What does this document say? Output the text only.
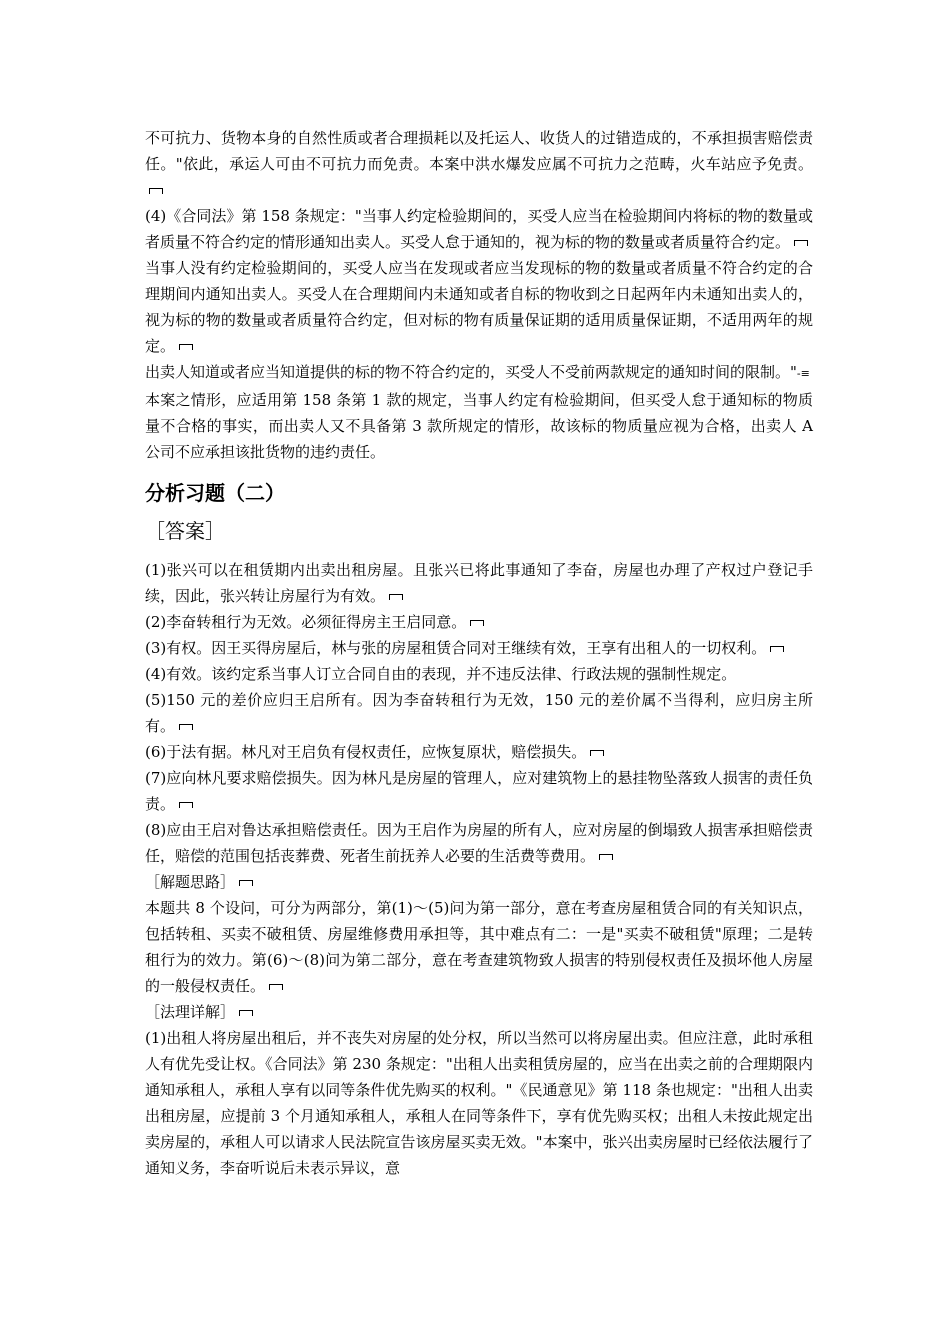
不可抗力、货物本身的自然性质或者合理损耗以及托运人、收货人的过错造成的，不承担损害赔偿责任。"依此，承运人可由不可抗力而免责。本案中洪水爆发应属不可抗力之范畴，火车站应予免责。

(4)《合同法》第 158 条规定："当事人约定检验期间的，买受人应当在检验期间内将标的物的数量或者质量不符合约定的情形通知出卖人。买受人怠于通知的，视为标的物的数量或者质量符合约定。

当事人没有约定检验期间的，买受人应当在发现或者应当发现标的物的数量或者质量不符合约定的合理期间内通知出卖人。买受人在合理期间内未通知或者自标的物收到之日起两年内未通知出卖人的，视为标的物的数量或者质量符合约定，但对标的物有质量保证期的适用质量保证期，不适用两年的规定。

出卖人知道或者应当知道提供的标的物不符合约定的，买受人不受前两款规定的通知时间的限制。"-≡

本案之情形，应适用第 158 条第 1 款的规定，当事人约定有检验期间，但买受人怠于通知标的物质量不合格的事实，而出卖人又不具备第 3 款所规定的情形，故该标的物质量应视为合格，出卖人 A 公司不应承担该批货物的违约责任。

分析习题（二）
［答案］

(1)张兴可以在租赁期内出卖出租房屋。且张兴已将此事通知了李奋，房屋也办理了产权过户登记手续，因此，张兴转让房屋行为有效。

(2)李奋转租行为无效。必须征得房主王启同意。

(3)有权。因王买得房屋后，林与张的房屋租赁合同对王继续有效，王享有出租人的一切权利。

(4)有效。该约定系当事人订立合同自由的表现，并不违反法律、行政法规的强制性规定。

(5)150 元的差价应归王启所有。因为李奋转租行为无效，150 元的差价属不当得利，应归房主所有。

(6)于法有据。林凡对王启负有侵权责任，应恢复原状，赔偿损失。

(7)应向林凡要求赔偿损失。因为林凡是房屋的管理人，应对建筑物上的悬挂物坠落致人损害的责任负责。

(8)应由王启对鲁达承担赔偿责任。因为王启作为房屋的所有人，应对房屋的倒塌致人损害承担赔偿责任，赔偿的范围包括丧葬费、死者生前抚养人必要的生活费等费用。

［解题思路］

本题共 8 个设问，可分为两部分，第(1)～(5)问为第一部分，意在考查房屋租赁合同的有关知识点，包括转租、买卖不破租赁、房屋维修费用承担等，其中难点有二：一是"买卖不破租赁"原理；二是转租行为的效力。第(6)～(8)问为第二部分，意在考查建筑物致人损害的特别侵权责任及损坏他人房屋的一般侵权责任。

［法理详解］

(1)出租人将房屋出租后，并不丧失对房屋的处分权，所以当然可以将房屋出卖。但应注意，此时承租人有优先受让权。《合同法》第 230 条规定："出租人出卖租赁房屋的，应当在出卖之前的合理期限内通知承租人，承租人享有以同等条件优先购买的权利。"《民通意见》第 118 条也规定："出租人出卖出租房屋，应提前 3 个月通知承租人，承租人在同等条件下，享有优先购买权；出租人未按此规定出卖房屋的，承租人可以请求人民法院宣告该房屋买卖无效。"本案中，张兴出卖房屋时已经依法履行了通知义务，李奋听说后未表示异议，意
